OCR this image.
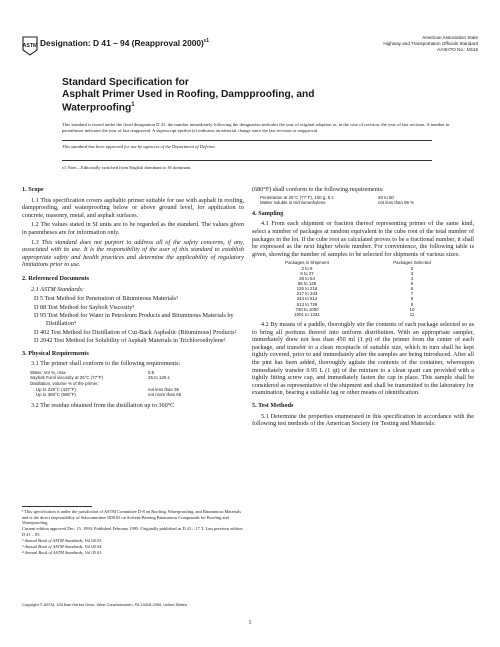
ASTM Designation: D 41 – 94 (Reapproval 2000)$^{\varepsilon 1}$
American Association State
Highway and Transportation Officials Standard
AASHTO No.: M116
Standard Specification for
Asphalt Primer Used in Roofing, Dampproofing, and
Waterproofing$^1$
This standard is issued under the fixed designation D 41; the number immediately following the designation indicates the year of original adoption or, in the case of revision, the year of last revision. A number in parentheses indicates the year of last reapproval. A superscript epsilon (ε) indicates an editorial change since the last revision or reapproval.
This standard has been approved for use by agencies of the Department of Defense.
ε1 Note—Editorially switched from English dominant to SI dominant.
1. Scope
1.1 This specification covers asphaltic primer suitable for use with asphalt in roofing, dampproofing, and waterproofing below or above ground level, for application to concrete, masonry, metal, and asphalt surfaces.
1.2 The values stated in SI units are to be regarded as the standard. The values given in parentheses are for information only.
1.3 This standard does not purport to address all of the safety concerns, if any, associated with its use. It is the responsibility of the user of this standard to establish appropriate safety and health practices and determine the applicability of regulatory limitations prior to use.
2. Referenced Documents
2.1 ASTM Standards:
D 5 Test Method for Penetration of Bituminous Materials²
D 88 Test Method for Saybolt Viscosity³
D 95 Test Method for Water in Petroleum Products and Bituminous Materials by Distillation⁴
D 402 Test Method for Distillation of Cut-Back Asphaltic (Bituminous) Products²
D 2042 Test Method for Solubility of Asphalt Materials in Trichloroethylene²
3. Physical Requirements
3.1 The primer shall conform to the following requirements:
Water, Vol %, max	0.5
Saybolt Furol viscosity at 25°C (77°F)	25 to 125 s
Distillation, volume % of the primer:
Up to 225°C (437°F)	not less than 35
Up to 360°C (680°F)	not more than 65
3.2 The residue obtained from the distillation up to 360°C
¹ This specification is under the jurisdiction of ASTM Committee D-8 on Roofing, Waterproofing, and Bituminous Materials and is the direct responsibility of Subcommittee D08.05 on Solvent-Bearing Bituminous Compounds for Roofing and Waterproofing.
Current edition approved Dec. 15, 1994. Published February 1995. Originally published as D 41 – 17 T. Last previous edition D 41 – 85.
² Annual Book of ASTM Standards, Vol 04.03.
³ Annual Book of ASTM Standards, Vol 04.04.
⁴ Annual Book of ASTM Standards, Vol 05.01.
(680°F) shall conform to the following requirements:
Penetration at 25°C (77°F), 100 g, 5 s	20 to 50
Matter soluble in trichloroethylene	not less than 99 %
4. Sampling
4.1 From each shipment or fraction thereof representing primer of the same kind, select a number of packages at random equivalent to the cube root of the total number of packages in the lot. If the cube root as calculated proves to be a fractional number, it shall be expressed as the next higher whole number. For convenience, the following table is given, showing the number of samples to be selected for shipments of various sizes:
Packages in Shipment	Packages Selected
2 to 8	2
9 to 27	3
28 to 64	4
65 to 125	5
126 to 216	6
217 to 343	7
344 to 512	8
513 to 729	9
730 to 1000	10
1001 to 1331	11
4.2 By means of a paddle, thoroughly stir the contents of each package selected so as to bring all portions thereof into uniform distribution. With an appropriate sampler, immediately draw not less than 450 ml (1 pt) of the primer from the center of each package, and transfer to a clean receptacle of suitable size, which in turn shall be kept tightly covered, prior to and immediately after the samples are being introduced. After all the pint has been added, thoroughly agitate the contents of the container, whereupon immediately transfer 0.95 L (1 qt) of the mixture to a clean quart can provided with a tightly fitting screw cap, and immediately fasten the cap in place. This sample shall be considered as representative of the shipment and shall be transmitted to the laboratory for examination, bearing a suitable tag or other means of identification.
5. Test Methods
5.1 Determine the properties enumerated in this specification in accordance with the following test methods of the American Society for Testing and Materials:
Copyright © ASTM, 100 Barr Harbor Drive, West Conshohocken, PA 19428-2959, United States.
1
